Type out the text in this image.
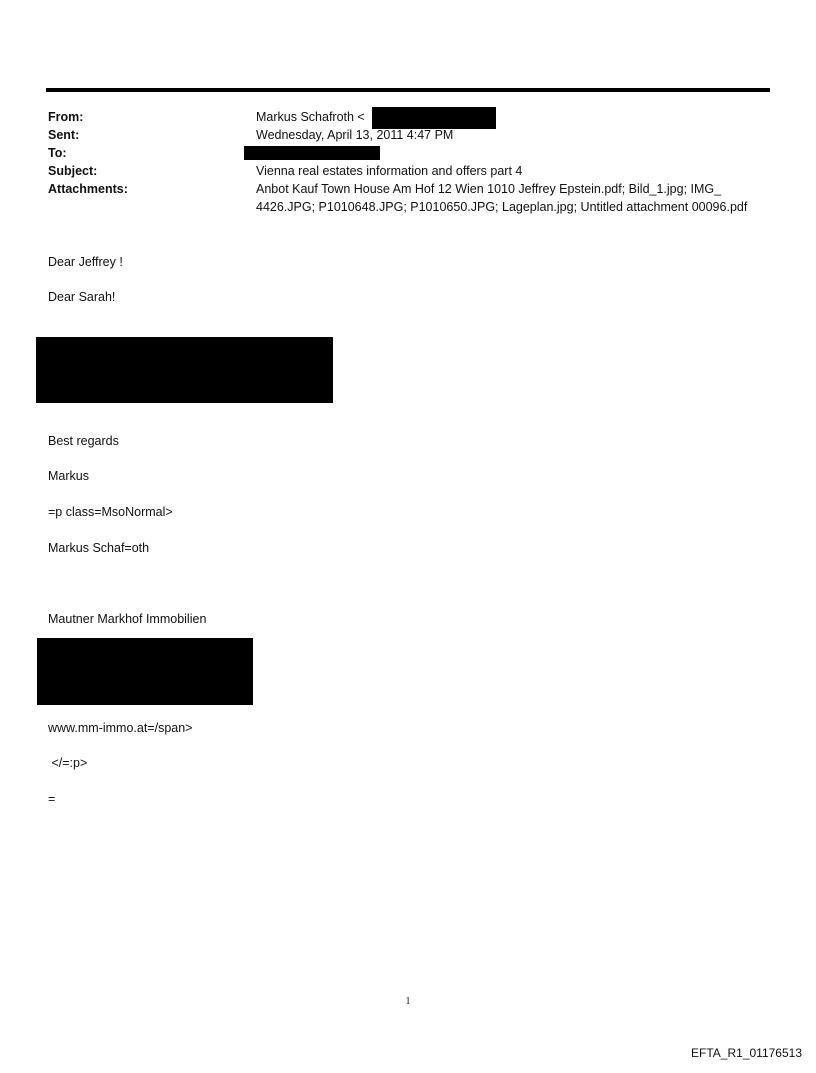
From:
Sent:
To:
Subject:
Attachments:
Markus Schafroth <
Wednesday, April 13, 2011 4:47 PM
Vienna real estates information and offers part 4
Anbot Kauf Town House Am Hof 12 Wien 1010 Jeffrey Epstein.pdf; Bild_1.jpg; IMG_ 4426.JPG; P1010648.JPG; P1010650.JPG; Lageplan.jpg; Untitled attachment 00096.pdf
Dear Jeffrey !
Dear Sarah!
Best regards
Markus
=p class=MsoNormal>
Markus Schaf=oth
Mautner Markhof Immobilien
www.mm-immo.at=/span>
</=:p>
=
1
EFTA_R1_01176513
